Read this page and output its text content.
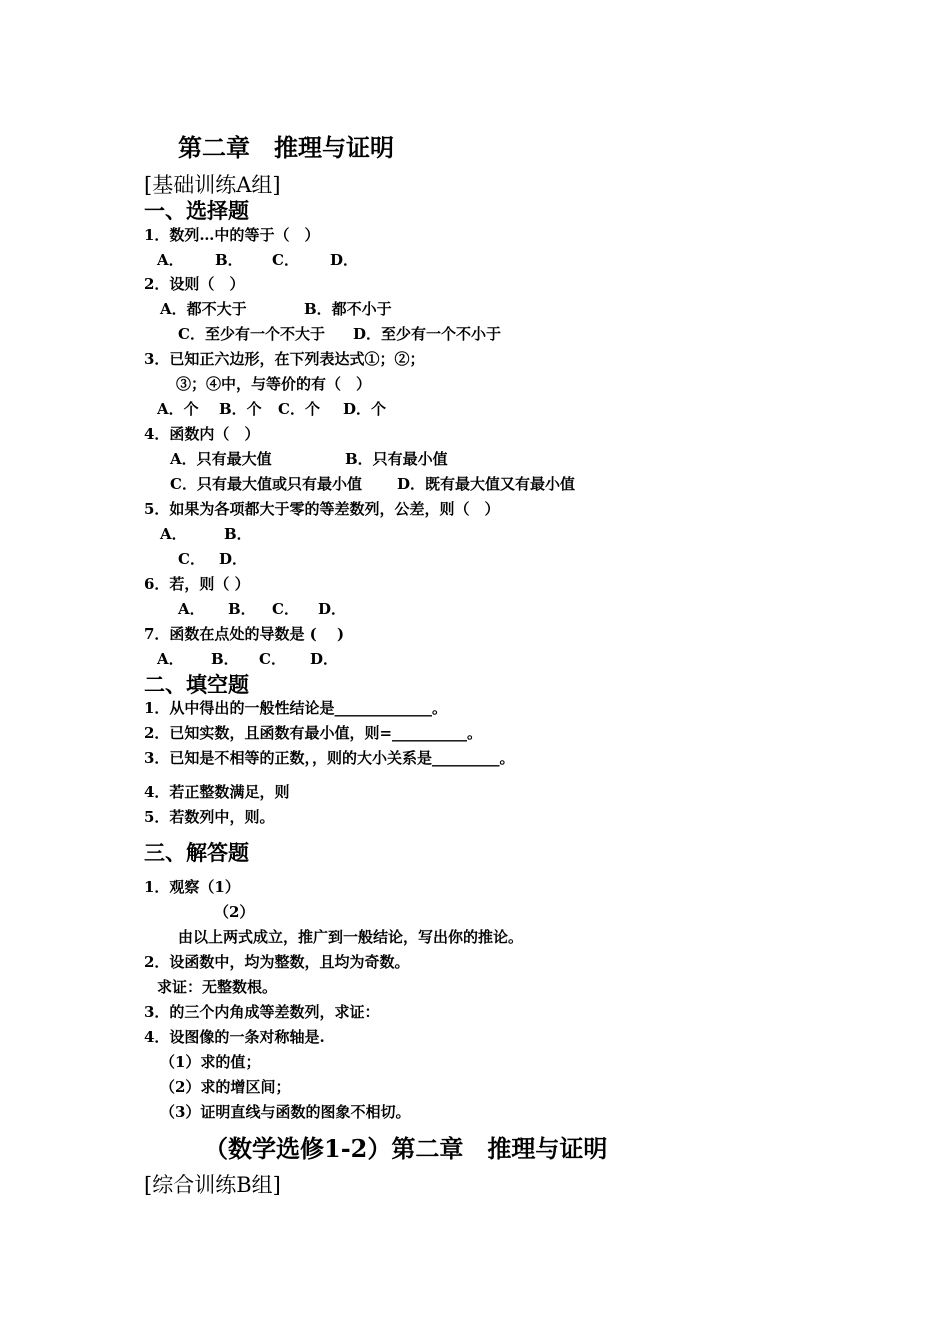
第二章　推理与证明
[基础训练A组]
一、选择题
1．数列…中的等于（　）
A． B． C． D．
2．设则（　）
A．都不大于	B．都不小于
C．至少有一个不大于 D．至少有一个不小于
3．已知正六边形，在下列表达式①；②；
③；④中，与等价的有（　）
A．个 B．个 C．个 D．个
4．函数内（　）
A．只有最大值	B．只有最小值
C．只有最大值或只有最小值 D．既有最大值又有最小值
5．如果为各项都大于零的等差数列，公差，则（　）
A． B．
C． D．
6．若，则（ ）
A． B． C． D．
7．函数在点处的导数是 (　 )
A． B． C． D．
二、填空题
1．从中得出的一般性结论是_____________。
2．已知实数，且函数有最小值，则=__________。
3．已知是不相等的正数，，则的大小关系是_________。
4．若正整数满足，则
5．若数列中，则。
三、解答题
1．观察（1）
（2）
由以上两式成立，推广到一般结论，写出你的推论。
2．设函数中，均为整数，且均为奇数。
求证：无整数根。
3．的三个内角成等差数列，求证：
4．设图像的一条对称轴是.
（1）求的值；
（2）求的增区间；
（3）证明直线与函数的图象不相切。
（数学选修1-2）第二章　推理与证明
[综合训练B组]
